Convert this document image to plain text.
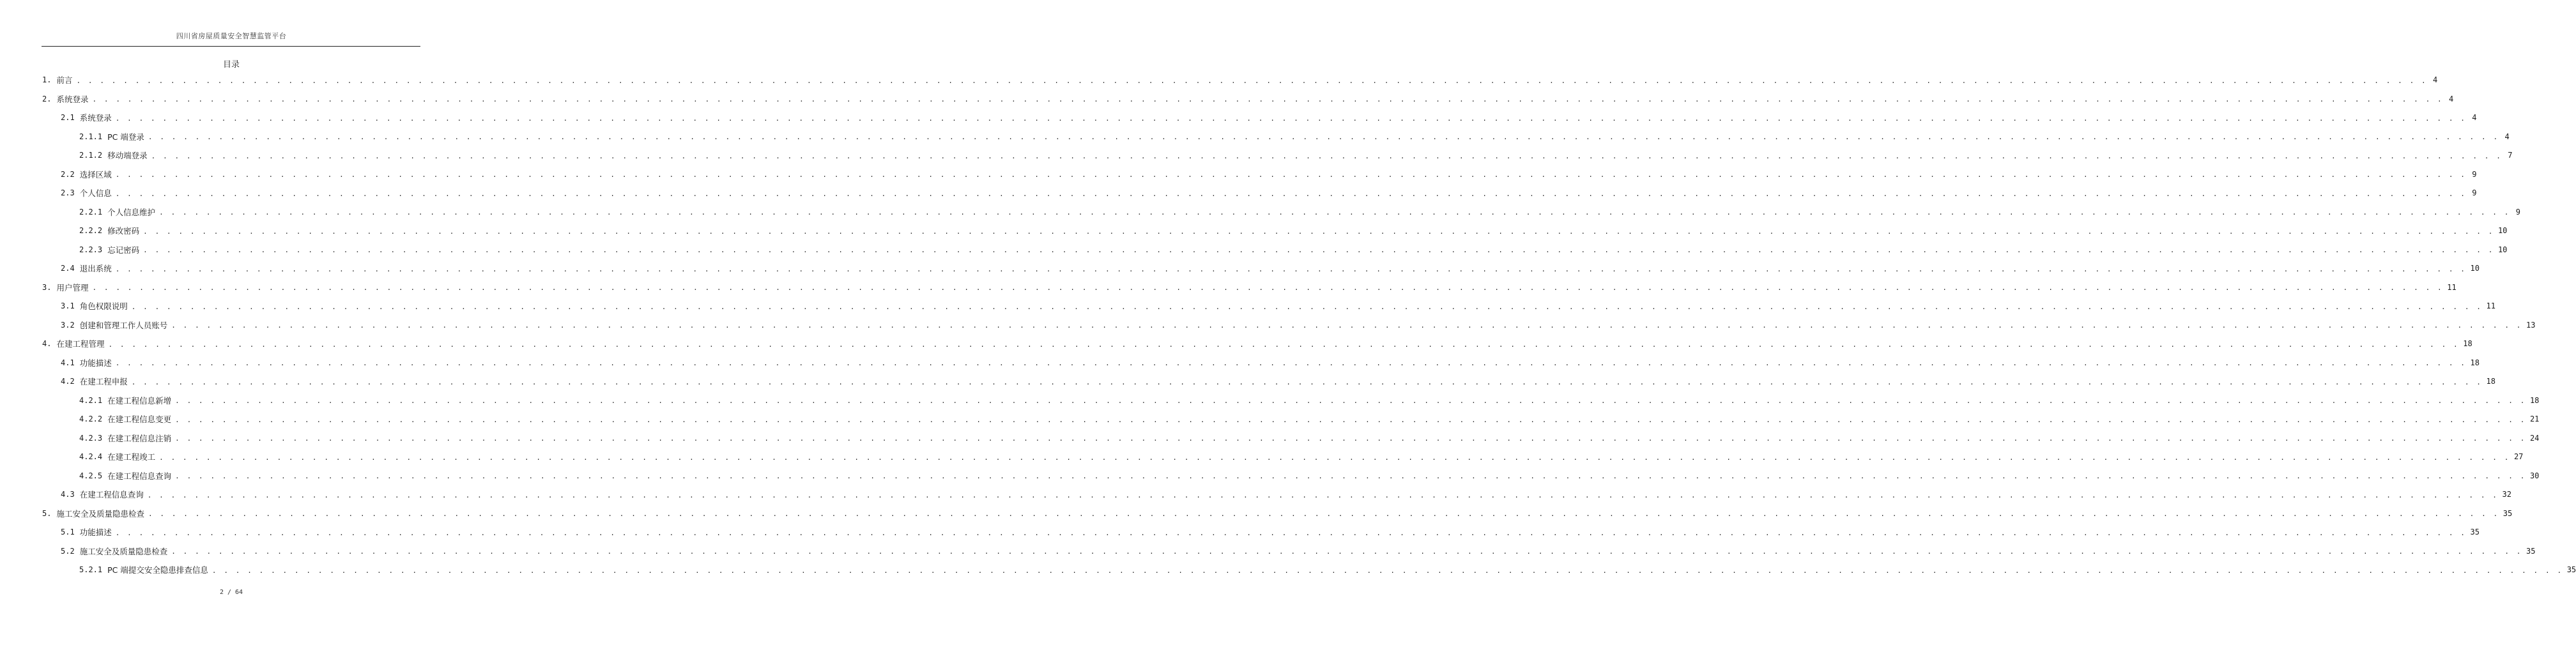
四川省房屋质量安全智慧监管平台
目录
1. 前言 . . . . . . . . . . . . . . . . . . . . . . . . . . . . . . . . . . . . . . . . . . . . . . . . . . . . . . . . . . . . . . . . . . . . . . . . . . . . . . . . . . . . . . . . . . . . . . . . . . . . . . . . . . . . . . . . . . . . . . . . . . . . . . . . . . . . . . . . . . . . . . . . . . . . . . . . . . . . . . . . . . . . . . . . . . . . . . . . . . . . . . . . . . . . . . . . . . . . . . . . 4
2. 系统登录 . . . . . . . . . . . . . . . . . . . . . . . . . . . . . . . . . . . . . . . . . . . . . . . . . . . . . . . . . . . . . . . . . . . . . . . . . . . . . . . . . . . . . . . . . . . . . . . . . . . . . . . . . . . . . . . . . . . . . . . . . . . . . . . . . . . . . . . . . . . . . . . . . . . . . . . . . . . . . . . . . . . . . . . . . . . . . . . . . . . . . . . . . . . . . . . . . . . . . . . . 4
2.1 系统登录 . . . . . . . . . . . . . . . . . . . . . . . . . . . . . . . . . . . . . . . . . . . . . . . . . . . . . . . . . . . . . . . . . . . . . . . . . . . . . . . . . . . . . . . . . . . . . . . . . . . . . . . . . . . . . . . . . . . . . . . . . . . . . . . . . . . . . . . . . . . . . . . . . . . . . . . . . . . . . . . . . . . . . . . . . . . . . . . . . . . . . . . . . . . . . . . . . . . . . . . . 4
2.1.1 PC 端登录 . . . . . . . . . . . . . . . . . . . . . . . . . . . . . . . . . . . . . . . . . . . . . . . . . . . . . . . . . . . . . . . . . . . . . . . . . . . . . . . . . . . . . . . . . . . . . . . . . . . . . . . . . . . . . . . . . . . . . . . . . . . . . . . . . . . . . . . . . . . . . . . . . . . . . . . . . . . . . . . . . . . . . . . . . . . . . . . . . . . . . . . . . . . . . . . . . . . . . . . . 4
2.1.2 移动端登录 . . . . . . . . . . . . . . . . . . . . . . . . . . . . . . . . . . . . . . . . . . . . . . . . . . . . . . . . . . . . . . . . . . . . . . . . . . . . . . . . . . . . . . . . . . . . . . . . . . . . . . . . . . . . . . . . . . . . . . . . . . . . . . . . . . . . . . . . . . . . . . . . . . . . . . . . . . . . . . . . . . . . . . . . . . . . . . . . . . . . . . . . . . . . . . . . . . . . . . . . 7
2.2 选择区域 . . . . . . . . . . . . . . . . . . . . . . . . . . . . . . . . . . . . . . . . . . . . . . . . . . . . . . . . . . . . . . . . . . . . . . . . . . . . . . . . . . . . . . . . . . . . . . . . . . . . . . . . . . . . . . . . . . . . . . . . . . . . . . . . . . . . . . . . . . . . . . . . . . . . . . . . . . . . . . . . . . . . . . . . . . . . . . . . . . . . . . . . . . . . . . . . . . . . . . . . 9
2.3 个人信息 . . . . . . . . . . . . . . . . . . . . . . . . . . . . . . . . . . . . . . . . . . . . . . . . . . . . . . . . . . . . . . . . . . . . . . . . . . . . . . . . . . . . . . . . . . . . . . . . . . . . . . . . . . . . . . . . . . . . . . . . . . . . . . . . . . . . . . . . . . . . . . . . . . . . . . . . . . . . . . . . . . . . . . . . . . . . . . . . . . . . . . . . . . . . . . . . . . . . . . . . 9
2.2.1 个人信息维护 . . . . . . . . . . . . . . . . . . . . . . . . . . . . . . . . . . . . . . . . . . . . . . . . . . . . . . . . . . . . . . . . . . . . . . . . . . . . . . . . . . . . . . . . . . . . . . . . . . . . . . . . . . . . . . . . . . . . . . . . . . . . . . . . . . . . . . . . . . . . . . . . . . . . . . . . . . . . . . . . . . . . . . . . . . . . . . . . . . . . . . . . . . . . . . . . . . . . . . . . 9
2.2.2 修改密码 . . . . . . . . . . . . . . . . . . . . . . . . . . . . . . . . . . . . . . . . . . . . . . . . . . . . . . . . . . . . . . . . . . . . . . . . . . . . . . . . . . . . . . . . . . . . . . . . . . . . . . . . . . . . . . . . . . . . . . . . . . . . . . . . . . . . . . . . . . . . . . . . . . . . . . . . . . . . . . . . . . . . . . . . . . . . . . . . . . . . . . . . . . . . . . . . . . . . . . . . 10
2.2.3 忘记密码 . . . . . . . . . . . . . . . . . . . . . . . . . . . . . . . . . . . . . . . . . . . . . . . . . . . . . . . . . . . . . . . . . . . . . . . . . . . . . . . . . . . . . . . . . . . . . . . . . . . . . . . . . . . . . . . . . . . . . . . . . . . . . . . . . . . . . . . . . . . . . . . . . . . . . . . . . . . . . . . . . . . . . . . . . . . . . . . . . . . . . . . . . . . . . . . . . . . . . . . . 10
2.4 退出系统 . . . . . . . . . . . . . . . . . . . . . . . . . . . . . . . . . . . . . . . . . . . . . . . . . . . . . . . . . . . . . . . . . . . . . . . . . . . . . . . . . . . . . . . . . . . . . . . . . . . . . . . . . . . . . . . . . . . . . . . . . . . . . . . . . . . . . . . . . . . . . . . . . . . . . . . . . . . . . . . . . . . . . . . . . . . . . . . . . . . . . . . . . . . . . . . . . . . . . . . . 10
3. 用户管理 . . . . . . . . . . . . . . . . . . . . . . . . . . . . . . . . . . . . . . . . . . . . . . . . . . . . . . . . . . . . . . . . . . . . . . . . . . . . . . . . . . . . . . . . . . . . . . . . . . . . . . . . . . . . . . . . . . . . . . . . . . . . . . . . . . . . . . . . . . . . . . . . . . . . . . . . . . . . . . . . . . . . . . . . . . . . . . . . . . . . . . . . . . . . . . . . . . . . . . . . 11
3.1 角色权限说明 . . . . . . . . . . . . . . . . . . . . . . . . . . . . . . . . . . . . . . . . . . . . . . . . . . . . . . . . . . . . . . . . . . . . . . . . . . . . . . . . . . . . . . . . . . . . . . . . . . . . . . . . . . . . . . . . . . . . . . . . . . . . . . . . . . . . . . . . . . . . . . . . . . . . . . . . . . . . . . . . . . . . . . . . . . . . . . . . . . . . . . . . . . . . . . . . . . . . . . . . 11
3.2 创建和管理工作人员账号 . . . . . . . . . . . . . . . . . . . . . . . . . . . . . . . . . . . . . . . . . . . . . . . . . . . . . . . . . . . . . . . . . . . . . . . . . . . . . . . . . . . . . . . . . . . . . . . . . . . . . . . . . . . . . . . . . . . . . . . . . . . . . . . . . . . . . . . . . . . . . . . . . . . . . . . . . . . . . . . . . . . . . . . . . . . . . . . . . . . . . . . . . . . . . . . . . . . . . . . . 13
4. 在建工程管理 . . . . . . . . . . . . . . . . . . . . . . . . . . . . . . . . . . . . . . . . . . . . . . . . . . . . . . . . . . . . . . . . . . . . . . . . . . . . . . . . . . . . . . . . . . . . . . . . . . . . . . . . . . . . . . . . . . . . . . . . . . . . . . . . . . . . . . . . . . . . . . . . . . . . . . . . . . . . . . . . . . . . . . . . . . . . . . . . . . . . . . . . . . . . . . . . . . . . . . . . 18
4.1 功能描述 . . . . . . . . . . . . . . . . . . . . . . . . . . . . . . . . . . . . . . . . . . . . . . . . . . . . . . . . . . . . . . . . . . . . . . . . . . . . . . . . . . . . . . . . . . . . . . . . . . . . . . . . . . . . . . . . . . . . . . . . . . . . . . . . . . . . . . . . . . . . . . . . . . . . . . . . . . . . . . . . . . . . . . . . . . . . . . . . . . . . . . . . . . . . . . . . . . . . . . . . 18
4.2 在建工程申报 . . . . . . . . . . . . . . . . . . . . . . . . . . . . . . . . . . . . . . . . . . . . . . . . . . . . . . . . . . . . . . . . . . . . . . . . . . . . . . . . . . . . . . . . . . . . . . . . . . . . . . . . . . . . . . . . . . . . . . . . . . . . . . . . . . . . . . . . . . . . . . . . . . . . . . . . . . . . . . . . . . . . . . . . . . . . . . . . . . . . . . . . . . . . . . . . . . . . . . . . 18
4.2.1 在建工程信息新增 . . . . . . . . . . . . . . . . . . . . . . . . . . . . . . . . . . . . . . . . . . . . . . . . . . . . . . . . . . . . . . . . . . . . . . . . . . . . . . . . . . . . . . . . . . . . . . . . . . . . . . . . . . . . . . . . . . . . . . . . . . . . . . . . . . . . . . . . . . . . . . . . . . . . . . . . . . . . . . . . . . . . . . . . . . . . . . . . . . . . . . . . . . . . . . . . . . . . . . . . 18
4.2.2 在建工程信息变更 . . . . . . . . . . . . . . . . . . . . . . . . . . . . . . . . . . . . . . . . . . . . . . . . . . . . . . . . . . . . . . . . . . . . . . . . . . . . . . . . . . . . . . . . . . . . . . . . . . . . . . . . . . . . . . . . . . . . . . . . . . . . . . . . . . . . . . . . . . . . . . . . . . . . . . . . . . . . . . . . . . . . . . . . . . . . . . . . . . . . . . . . . . . . . . . . . . . . . . . . 21
4.2.3 在建工程信息注销 . . . . . . . . . . . . . . . . . . . . . . . . . . . . . . . . . . . . . . . . . . . . . . . . . . . . . . . . . . . . . . . . . . . . . . . . . . . . . . . . . . . . . . . . . . . . . . . . . . . . . . . . . . . . . . . . . . . . . . . . . . . . . . . . . . . . . . . . . . . . . . . . . . . . . . . . . . . . . . . . . . . . . . . . . . . . . . . . . . . . . . . . . . . . . . . . . . . . . . . . 24
4.2.4 在建工程竣工 . . . . . . . . . . . . . . . . . . . . . . . . . . . . . . . . . . . . . . . . . . . . . . . . . . . . . . . . . . . . . . . . . . . . . . . . . . . . . . . . . . . . . . . . . . . . . . . . . . . . . . . . . . . . . . . . . . . . . . . . . . . . . . . . . . . . . . . . . . . . . . . . . . . . . . . . . . . . . . . . . . . . . . . . . . . . . . . . . . . . . . . . . . . . . . . . . . . . . . . . 27
4.2.5 在建工程信息查询 . . . . . . . . . . . . . . . . . . . . . . . . . . . . . . . . . . . . . . . . . . . . . . . . . . . . . . . . . . . . . . . . . . . . . . . . . . . . . . . . . . . . . . . . . . . . . . . . . . . . . . . . . . . . . . . . . . . . . . . . . . . . . . . . . . . . . . . . . . . . . . . . . . . . . . . . . . . . . . . . . . . . . . . . . . . . . . . . . . . . . . . . . . . . . . . . . . . . . . . . 30
4.3 在建工程信息查询 . . . . . . . . . . . . . . . . . . . . . . . . . . . . . . . . . . . . . . . . . . . . . . . . . . . . . . . . . . . . . . . . . . . . . . . . . . . . . . . . . . . . . . . . . . . . . . . . . . . . . . . . . . . . . . . . . . . . . . . . . . . . . . . . . . . . . . . . . . . . . . . . . . . . . . . . . . . . . . . . . . . . . . . . . . . . . . . . . . . . . . . . . . . . . . . . . . . . . . . . 32
5. 施工安全及质量隐患检查 . . . . . . . . . . . . . . . . . . . . . . . . . . . . . . . . . . . . . . . . . . . . . . . . . . . . . . . . . . . . . . . . . . . . . . . . . . . . . . . . . . . . . . . . . . . . . . . . . . . . . . . . . . . . . . . . . . . . . . . . . . . . . . . . . . . . . . . . . . . . . . . . . . . . . . . . . . . . . . . . . . . . . . . . . . . . . . . . . . . . . . . . . . . . . . . . . . . . . . . . 35
5.1 功能描述 . . . . . . . . . . . . . . . . . . . . . . . . . . . . . . . . . . . . . . . . . . . . . . . . . . . . . . . . . . . . . . . . . . . . . . . . . . . . . . . . . . . . . . . . . . . . . . . . . . . . . . . . . . . . . . . . . . . . . . . . . . . . . . . . . . . . . . . . . . . . . . . . . . . . . . . . . . . . . . . . . . . . . . . . . . . . . . . . . . . . . . . . . . . . . . . . . . . . . . . . 35
5.2 施工安全及质量隐患检查 . . . . . . . . . . . . . . . . . . . . . . . . . . . . . . . . . . . . . . . . . . . . . . . . . . . . . . . . . . . . . . . . . . . . . . . . . . . . . . . . . . . . . . . . . . . . . . . . . . . . . . . . . . . . . . . . . . . . . . . . . . . . . . . . . . . . . . . . . . . . . . . . . . . . . . . . . . . . . . . . . . . . . . . . . . . . . . . . . . . . . . . . . . . . . . . . . . . . . . . . 35
5.2.1 PC 端提交安全隐患排查信息 . . . . . . . . . . . . . . . . . . . . . . . . . . . . . . . . . . . . . . . . . . . . . . . . . . . . . . . . . . . . . . . . . . . . . . . . . . . . . . . . . . . . . . . . . . . . . . . . . . . . . . . . . . . . . . . . . . . . . . . . . . . . . . . . . . . . . . . . . . . . . . . . . . . . . . . . . . . . . . . . . . . . . . . . . . . . . . . . . . . . . . . . . . . . . . . . . . . . . . . . 35
2 / 64
